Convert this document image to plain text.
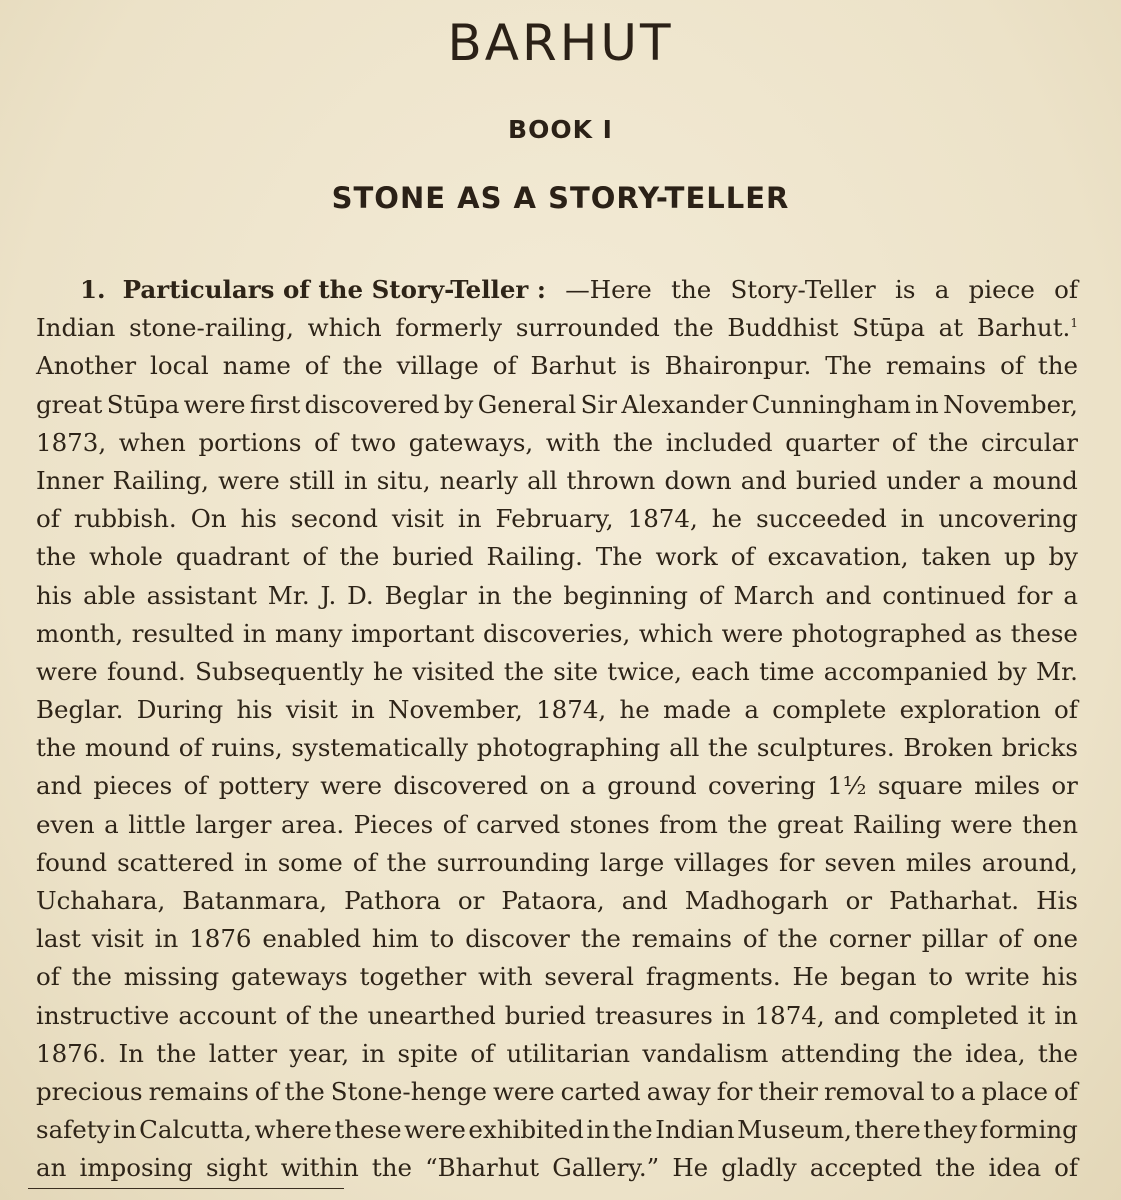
BARHUT
BOOK I
STONE AS A STORY-TELLER
1. Particulars of the Story-Teller : —Here the Story-Teller is a piece of
Indian stone-railing, which formerly surrounded the Buddhist Stūpa at Barhut.$^1$
Another local name of the village of Barhut is Bhaironpur. The remains of the
great Stūpa were first discovered by General Sir Alexander Cunningham in November,
1873, when portions of two gateways, with the included quarter of the circular
Inner Railing, were still in situ, nearly all thrown down and buried under a mound
of rubbish. On his second visit in February, 1874, he succeeded in uncovering
the whole quadrant of the buried Railing. The work of excavation, taken up by
his able assistant Mr. J. D. Beglar in the beginning of March and continued for a
month, resulted in many important discoveries, which were photographed as these
were found. Subsequently he visited the site twice, each time accompanied by Mr.
Beglar. During his visit in November, 1874, he made a complete exploration of
the mound of ruins, systematically photographing all the sculptures. Broken bricks
and pieces of pottery were discovered on a ground covering 1½ square miles or
even a little larger area. Pieces of carved stones from the great Railing were then
found scattered in some of the surrounding large villages for seven miles around,
Uchahara, Batanmara, Pathora or Pataora, and Madhogarh or Patharhat. His
last visit in 1876 enabled him to discover the remains of the corner pillar of one
of the missing gateways together with several fragments. He began to write his
instructive account of the unearthed buried treasures in 1874, and completed it in
1876. In the latter year, in spite of utilitarian vandalism attending the idea, the
precious remains of the Stone-henge were carted away for their removal to a place of
safety in Calcutta, where these were exhibited in the Indian Museum, there they forming
an imposing sight within the “Bharhut Gallery.” He gladly accepted the idea of
